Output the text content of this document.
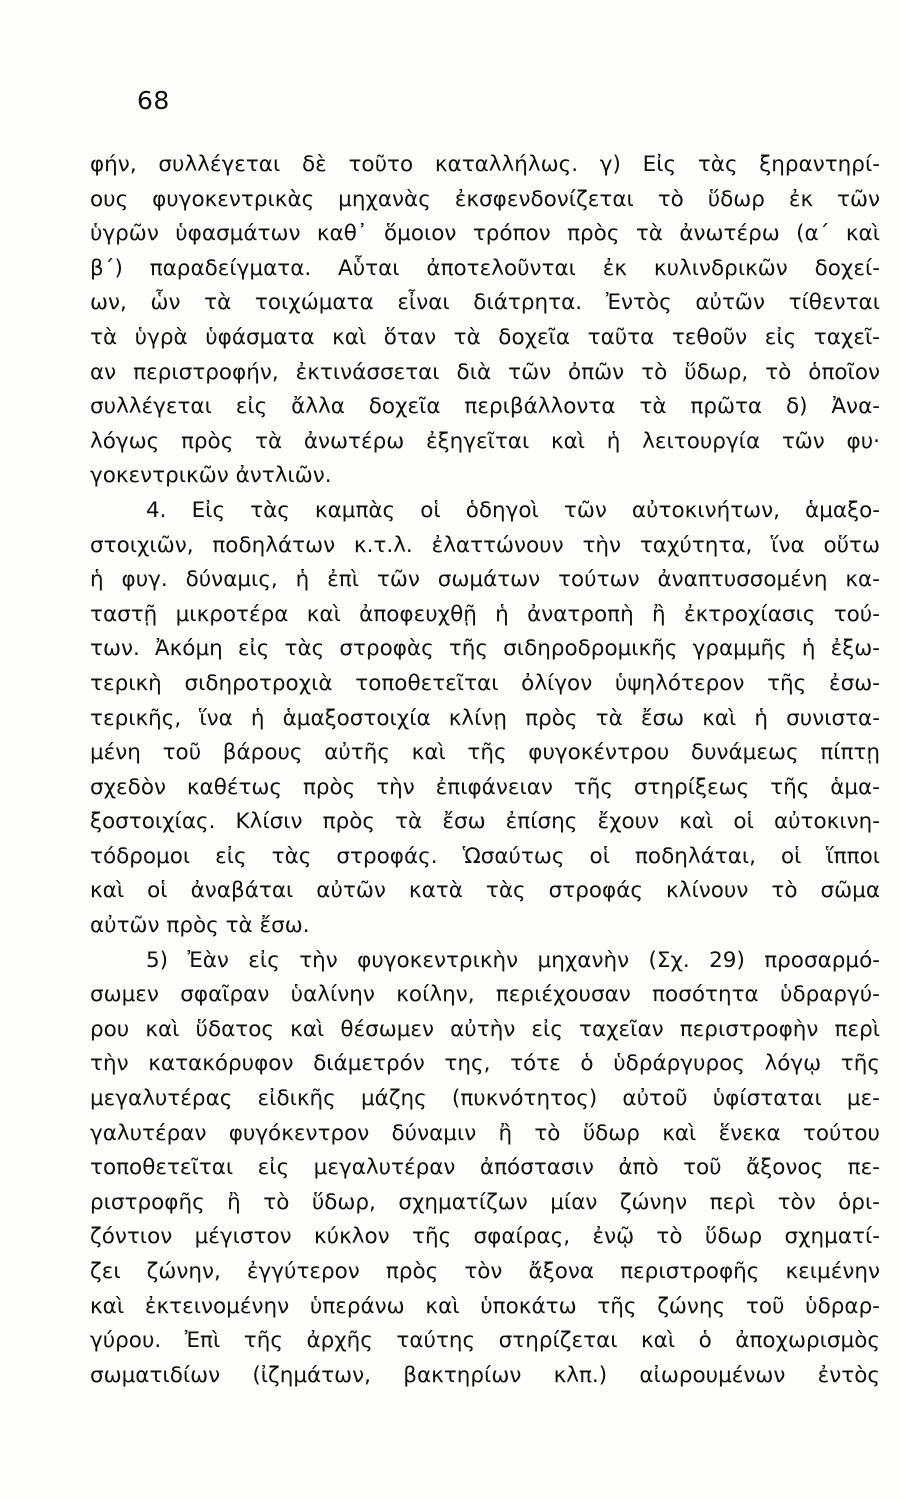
68
φήν, συλλέγεται δὲ τοῦτο καταλλήλως. γ) Εἰς τὰς ξηραντηρί-
ους φυγοκεντρικὰς μηχανὰς ἐκσφενδονίζεται τὸ ὕδωρ ἐκ τῶν
ὑγρῶν ὑφασμάτων καθ᾽ ὅμοιον τρόπον πρὸς τὰ ἀνωτέρω (α΄ καὶ
β΄) παραδείγματα. Αὗται ἀποτελοῦνται ἐκ κυλινδρικῶν δοχεί-
ων, ὧν τὰ τοιχώματα εἶναι διάτρητα. Ἐντὸς αὐτῶν τίθενται
τὰ ὑγρὰ ὑφάσματα καὶ ὅταν τὰ δοχεῖα ταῦτα τεθοῦν εἰς ταχεῖ-
αν περιστροφήν, ἐκτινάσσεται διὰ τῶν ὀπῶν τὸ ὕδωρ, τὸ ὁποῖον
συλλέγεται εἰς ἄλλα δοχεῖα περιβάλλοντα τὰ πρῶτα δ) Ἀνα-
λόγως πρὸς τὰ ἀνωτέρω ἐξηγεῖται καὶ ἡ λειτουργία τῶν φυ·
γοκεντρικῶν ἀντλιῶν.
4. Εἰς τὰς καμπὰς οἱ ὁδηγοὶ τῶν αὐτοκινήτων, ἁμαξο-
στοιχιῶν, ποδηλάτων κ.τ.λ. ἐλαττώνουν τὴν ταχύτητα, ἵνα οὕτω
ἡ φυγ. δύναμις, ἡ ἐπὶ τῶν σωμάτων τούτων ἀναπτυσσομένη κα-
ταστῇ μικροτέρα καὶ ἀποφευχθῇ ἡ ἀνατροπὴ ἢ ἐκτροχίασις τού-
των. Ἀκόμη εἰς τὰς στροφὰς τῆς σιδηροδρομικῆς γραμμῆς ἡ ἐξω-
τερικὴ σιδηροτροχιὰ τοποθετεῖται ὀλίγον ὑψηλότερον τῆς ἐσω-
τερικῆς, ἵνα ἡ ἁμαξοστοιχία κλίνῃ πρὸς τὰ ἔσω καὶ ἡ συνιστα-
μένη τοῦ βάρους αὐτῆς καὶ τῆς φυγοκέντρου δυνάμεως πίπτῃ
σχεδὸν καθέτως πρὸς τὴν ἐπιφάνειαν τῆς στηρίξεως τῆς ἁμα-
ξοστοιχίας. Κλίσιν πρὸς τὰ ἔσω ἐπίσης ἔχουν καὶ οἱ αὐτοκινη-
τόδρομοι εἰς τὰς στροφάς. Ὡσαύτως οἱ ποδηλάται, οἱ ἵπποι
καὶ οἱ ἀναβάται αὐτῶν κατὰ τὰς στροφάς κλίνουν τὸ σῶμα
αὐτῶν πρὸς τὰ ἔσω.
5) Ἐὰν εἰς τὴν φυγοκεντρικὴν μηχανὴν (Σχ. 29) προσαρμό-
σωμεν σφαῖραν ὑαλίνην κοίλην, περιέχουσαν ποσότητα ὑδραργύ-
ρου καὶ ὕδατος καὶ θέσωμεν αὐτὴν εἰς ταχεῖαν περιστροφὴν περὶ
τὴν κατακόρυφον διάμετρόν της, τότε ὁ ὑδράργυρος λόγῳ τῆς
μεγαλυτέρας εἰδικῆς μάζης (πυκνότητος) αὐτοῦ ὑφίσταται με-
γαλυτέραν φυγόκεντρον δύναμιν ἢ τὸ ὕδωρ καὶ ἕνεκα τούτου
τοποθετεῖται εἰς μεγαλυτέραν ἀπόστασιν ἀπὸ τοῦ ἄξονος πε-
ριστροφῆς ἢ τὸ ὕδωρ, σχηματίζων μίαν ζώνην περὶ τὸν ὁρι-
ζόντιον μέγιστον κύκλον τῆς σφαίρας, ἐνῷ τὸ ὕδωρ σχηματί-
ζει ζώνην, ἐγγύτερον πρὸς τὸν ἄξονα περιστροφῆς κειμένην
καὶ ἐκτεινομένην ὑπεράνω καὶ ὑποκάτω τῆς ζώνης τοῦ ὑδραρ-
γύρου. Ἐπὶ τῆς ἀρχῆς ταύτης στηρίζεται καὶ ὁ ἀποχωρισμὸς
σωματιδίων (ἰζημάτων, βακτηρίων κλπ.) αἰωρουμένων ἐντὸς
